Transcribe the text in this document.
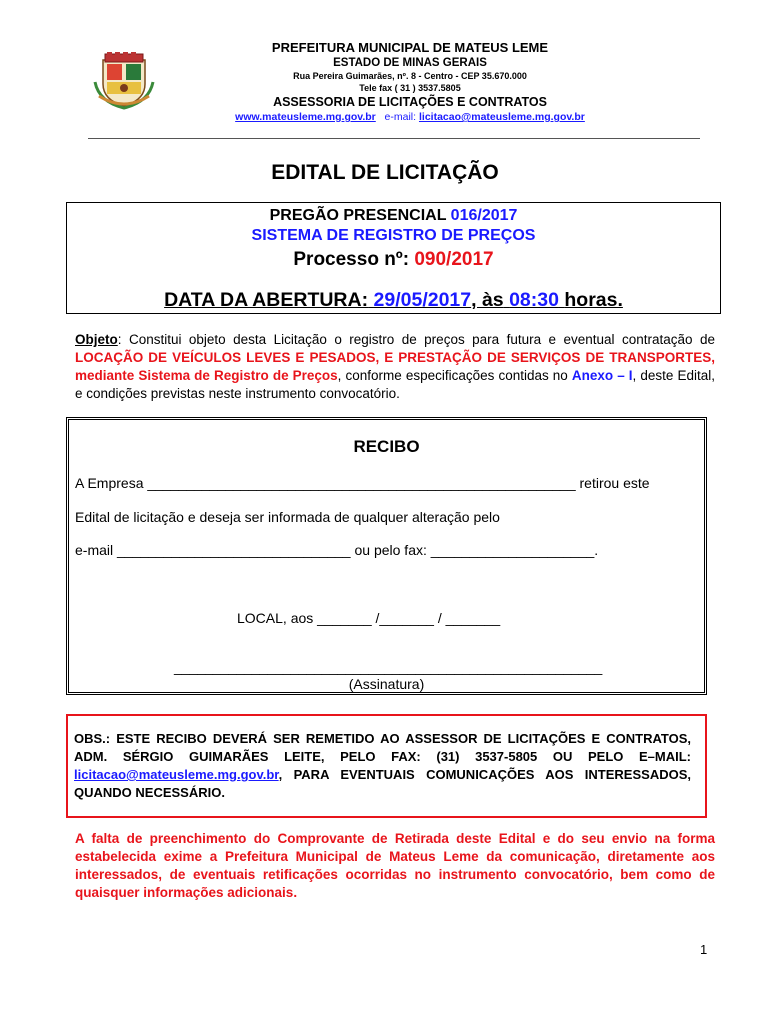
PREFEITURA MUNICIPAL DE MATEUS LEME
ESTADO DE MINAS GERAIS
Rua Pereira Guimarães, nº. 8 - Centro - CEP 35.670.000
Tele fax ( 31 ) 3537.5805
ASSESSORIA DE LICITAÇÕES E CONTRATOS
www.mateusleme.mg.gov.br e-mail: licitacao@mateusleme.mg.gov.br
EDITAL DE LICITAÇÃO
PREGÃO PRESENCIAL 016/2017
SISTEMA DE REGISTRO DE PREÇOS
Processo nº: 090/2017
DATA DA ABERTURA: 29/05/2017, às 08:30 horas.
Objeto: Constitui objeto desta Licitação o registro de preços para futura e eventual contratação de LOCAÇÃO DE VEÍCULOS LEVES E PESADOS, E PRESTAÇÃO DE SERVIÇOS DE TRANSPORTES, mediante Sistema de Registro de Preços, conforme especificações contidas no Anexo – I, deste Edital, e condições previstas neste instrumento convocatório.
RECIBO
A Empresa _______________________________________________________ retirou este
Edital de licitação e deseja ser informada de qualquer alteração pelo
e-mail ______________________________ ou pelo fax: _____________________.
LOCAL, aos _______ /_______ / _______
_______________________________________________________
(Assinatura)
OBS.: ESTE RECIBO DEVERÁ SER REMETIDO AO ASSESSOR DE LICITAÇÕES E CONTRATOS, ADM. SÉRGIO GUIMARÃES LEITE, PELO FAX: (31) 3537-5805 OU PELO E–MAIL: licitacao@mateusleme.mg.gov.br, PARA EVENTUAIS COMUNICAÇÕES AOS INTERESSADOS, QUANDO NECESSÁRIO.
A falta de preenchimento do Comprovante de Retirada deste Edital e do seu envio na forma estabelecida exime a Prefeitura Municipal de Mateus Leme da comunicação, diretamente aos interessados, de eventuais retificações ocorridas no instrumento convocatório, bem como de quaisquer informações adicionais.
1
